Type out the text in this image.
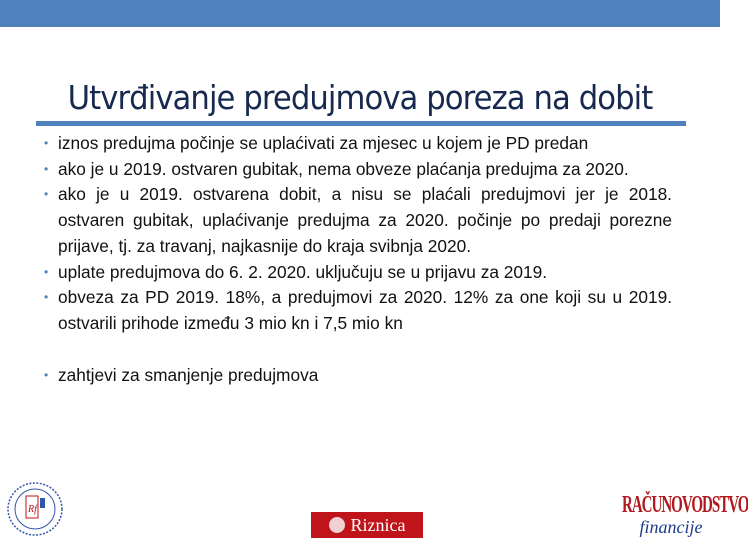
Utvrđivanje predujmova poreza na dobit
• iznos predujma počinje se uplaćivati za mjesec u kojem je PD predan
• ako je u 2019. ostvaren gubitak, nema obveze plaćanja predujma za 2020.
• ako je u 2019. ostvarena dobit, a nisu se plaćali predujmovi jer je 2018. ostvaren gubitak, uplaćivanje predujma za 2020. počinje po predaji porezne prijave, tj. za travanj, najkasnije do kraja svibnja 2020.
• uplate predujmova do 6. 2. 2020. uključuju se u prijavu za 2019.
• obveza za PD 2019. 18%, a predujmovi za 2020. 12% za one koji su u 2019. ostvarili prihode između 3 mio kn i 7,5 mio kn
• zahtjevi za smanjenje predujmova
Rf
Riznica
RAČUNOVODSTVO
financije
